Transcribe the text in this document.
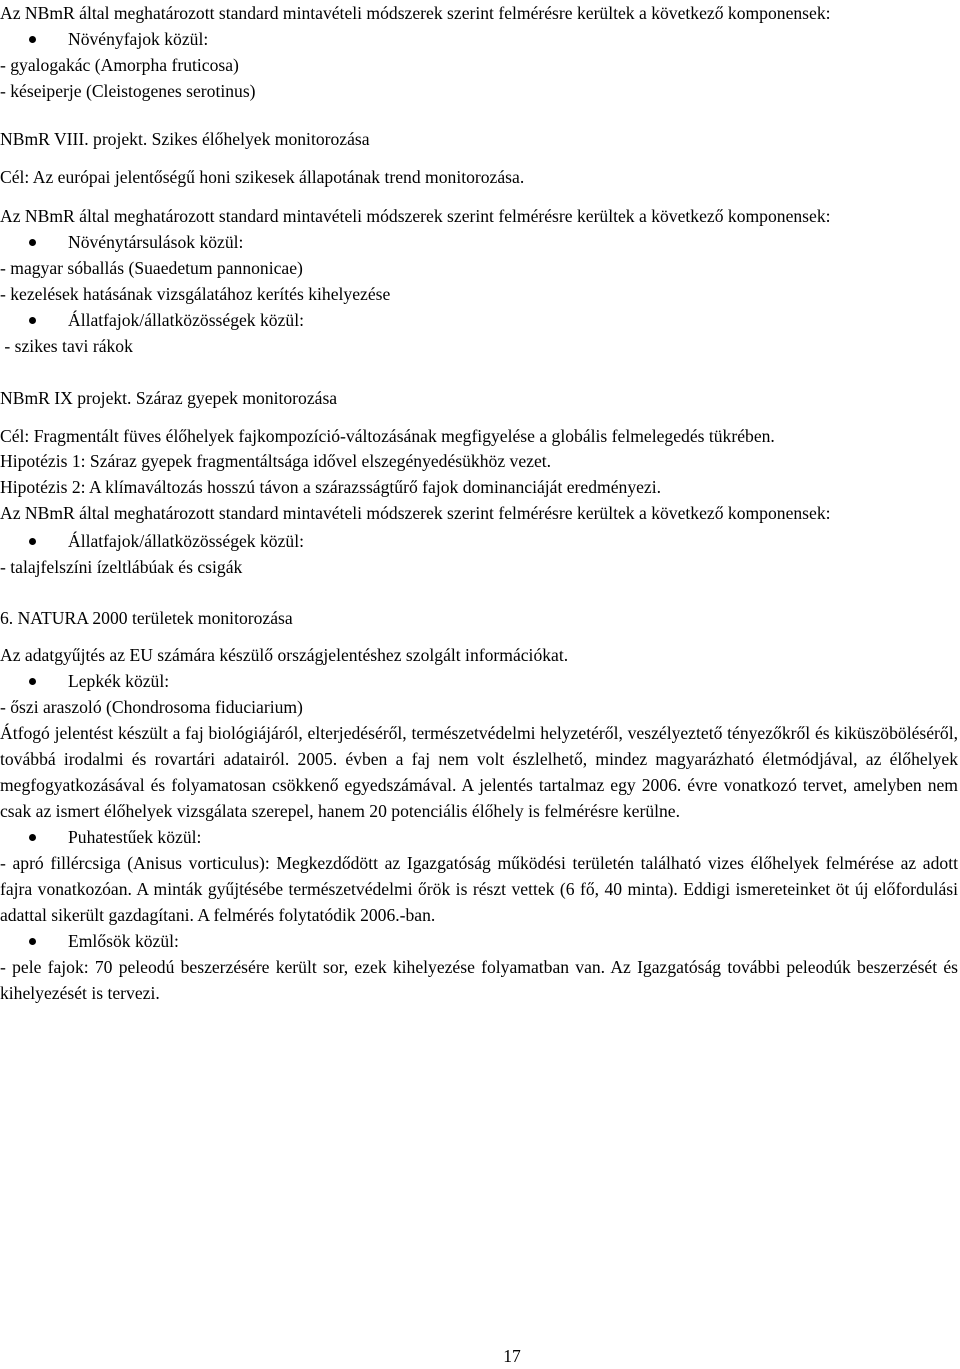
Az NBmR által meghatározott standard mintavételi módszerek szerint felmérésre kerültek a következő komponensek:

Növényfajok közül:

- gyalogakác (Amorpha fruticosa)

- késeiperje (Cleistogenes serotinus)

NBmR VIII. projekt. Szikes élőhelyek monitorozása

Cél: Az európai jelentőségű honi szikesek állapotának trend monitorozása.

Az NBmR által meghatározott standard mintavételi módszerek szerint felmérésre kerültek a következő komponensek:

Növénytársulások közül:

- magyar sóballás (Suaedetum pannonicae)

- kezelések hatásának vizsgálatához kerítés kihelyezése

Állatfajok/állatközösségek közül:

- szikes tavi rákok

NBmR IX projekt. Száraz gyepek monitorozása

Cél: Fragmentált füves élőhelyek fajkompozíció-változásának megfigyelése a globális felmelegedés tükrében.

Hipotézis 1: Száraz gyepek fragmentáltsága idővel elszegényedésükhöz vezet.

Hipotézis 2: A klímaváltozás hosszú távon a szárazsságtűrő fajok dominanciáját eredményezi.

Az NBmR által meghatározott standard mintavételi módszerek szerint felmérésre kerültek a következő komponensek:

Állatfajok/állatközösségek közül:

- talajfelszíni ízeltlábúak és csigák

6. NATURA 2000 területek monitorozása

Az adatgyűjtés az EU számára készülő országjelentéshez szolgált információkat.

Lepkék közül:

- őszi araszoló (Chondrosoma fiduciarium)

Átfogó jelentést készült a faj biológiájáról, elterjedéséről, természetvédelmi helyzetéről, veszélyeztető tényezőkről és kiküszöböléséről, továbbá irodalmi és rovartári adatairól. 2005. évben a faj nem volt észlelhető, mindez magyarázható életmódjával, az élőhelyek megfogyatkozásával és folyamatosan csökkenő egyedszámával. A jelentés tartalmaz egy 2006. évre vonatkozó tervet, amelyben nem csak az ismert élőhelyek vizsgálata szerepel, hanem 20 potenciális élőhely is felmérésre kerülne.

Puhatestűek közül:

- apró fillércsiga (Anisus vorticulus): Megkezdődött az Igazgatóság működési területén található vizes élőhelyek felmérése az adott fajra vonatkozóan. A minták gyűjtésébe természetvédelmi őrök is részt vettek (6 fő, 40 minta). Eddigi ismereteinket öt új előfordulási adattal sikerült gazdagítani. A felmérés folytatódik 2006.-ban.

Emlősök közül:

- pele fajok: 70 peleodú beszerzésére került sor, ezek kihelyezése folyamatban van. Az Igazgatóság további peleodúk beszerzését és kihelyezését is tervezi.

17
